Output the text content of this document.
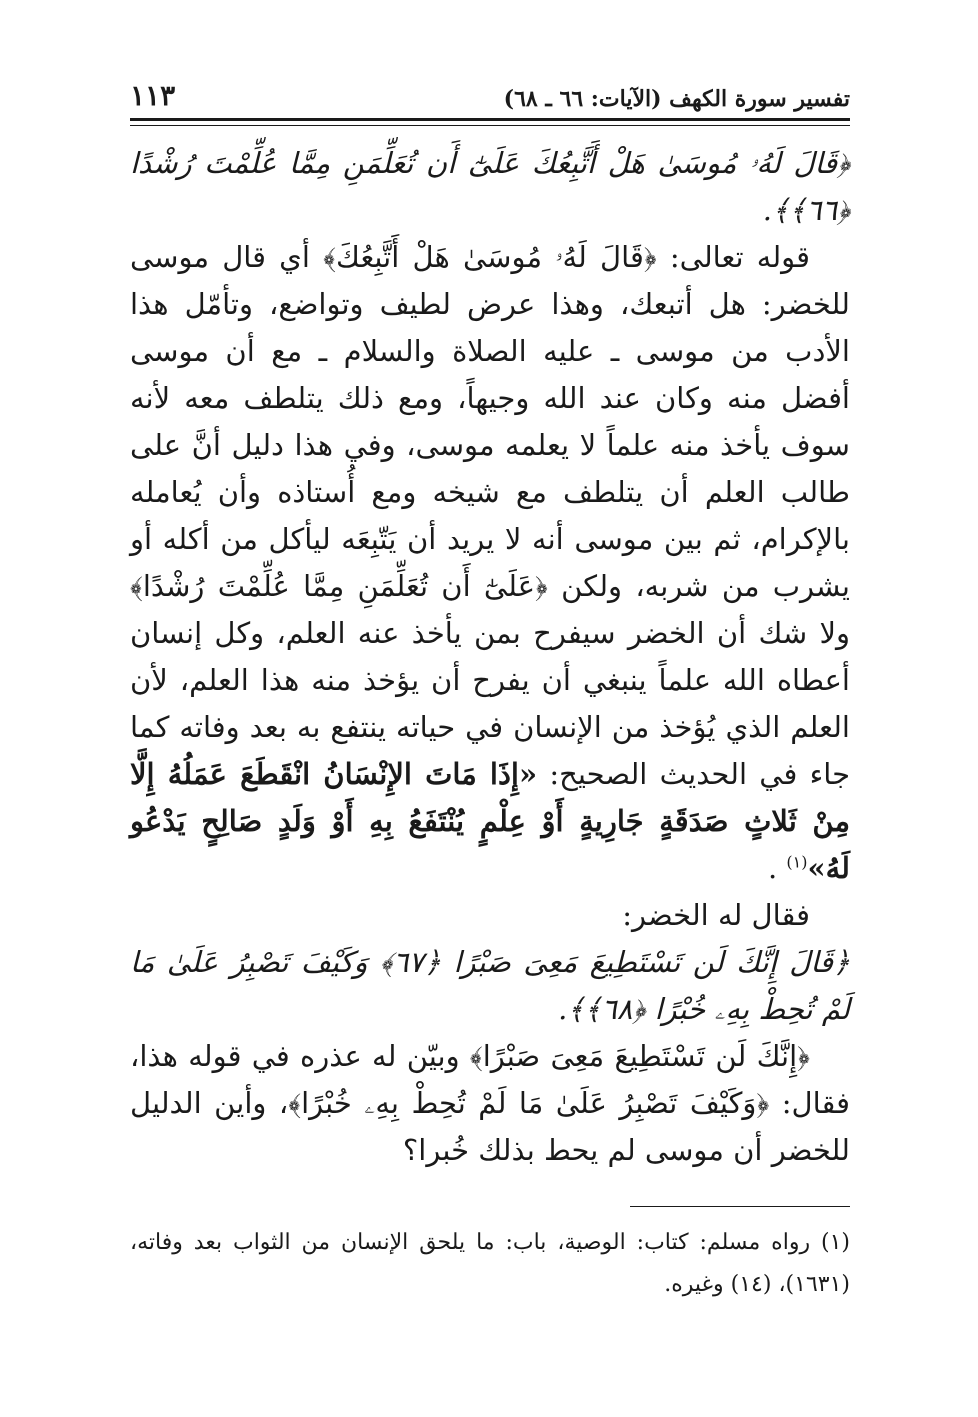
تفسير سورة الكهف (الآيات: ٦٦ ـ ٦٨)
١١٣

﴿قَالَ لَهُۥ مُوسَىٰ هَلْ أَتَّبِعُكَ عَلَىٰٓ أَن تُعَلِّمَنِ مِمَّا عُلِّمْتَ رُشْدًا ﴿٦٦﴾﴾.

قوله تعالى: ﴿قَالَ لَهُۥ مُوسَىٰ هَلْ أَتَّبِعُكَ﴾ أي قال موسى للخضر: هل أتبعك، وهذا عرض لطيف وتواضع، وتأمّل هذا الأدب من موسى ـ عليه الصلاة والسلام ـ مع أن موسى أفضل منه وكان عند الله وجيهاً، ومع ذلك يتلطف معه لأنه سوف يأخذ منه علماً لا يعلمه موسى، وفي هذا دليل أنَّ على طالب العلم أن يتلطف مع شيخه ومع أُستاذه وأن يُعامله بالإكرام، ثم بين موسى أنه لا يريد أن يَتّبِعَه ليأكل من أكله أو يشرب من شربه، ولكن ﴿عَلَىٰٓ أَن تُعَلِّمَنِ مِمَّا عُلِّمْتَ رُشْدًا﴾ ولا شك أن الخضر سيفرح بمن يأخذ عنه العلم، وكل إنسان أعطاه الله علماً ينبغي أن يفرح أن يؤخذ منه هذا العلم، لأن العلم الذي يُؤخذ من الإنسان في حياته ينتفع به بعد وفاته كما جاء في الحديث الصحيح: «إِذَا مَاتَ الإِنْسَانُ انْقَطَعَ عَمَلُهُ إِلَّا مِنْ ثَلاثٍ صَدَقَةٍ جَارِيةٍ أَوْ عِلْمٍ يُنْتَفَعُ بِهِ أَوْ وَلَدٍ صَالِحٍ يَدْعُو لَهُ»$^{(١)}$ .

فقال له الخضر:

﴿قَالَ إِنَّكَ لَن تَسْتَطِيعَ مَعِىَ صَبْرًا ﴿٦٧﴾ وَكَيْفَ تَصْبِرُ عَلَىٰ مَا لَمْ تُحِطْ بِهِۦ خُبْرًا ﴿٦٨﴾﴾.

﴿إِنَّكَ لَن تَسْتَطِيعَ مَعِىَ صَبْرًا﴾ وبيّن له عذره في قوله هذا، فقال: ﴿وَكَيْفَ تَصْبِرُ عَلَىٰ مَا لَمْ تُحِطْ بِهِۦ خُبْرًا﴾، وأين الدليل للخضر أن موسى لم يحط بذلك خُبرا؟

(١) رواه مسلم: كتاب: الوصية، باب: ما يلحق الإنسان من الثواب بعد وفاته، (١٦٣١)، (١٤) وغيره.
